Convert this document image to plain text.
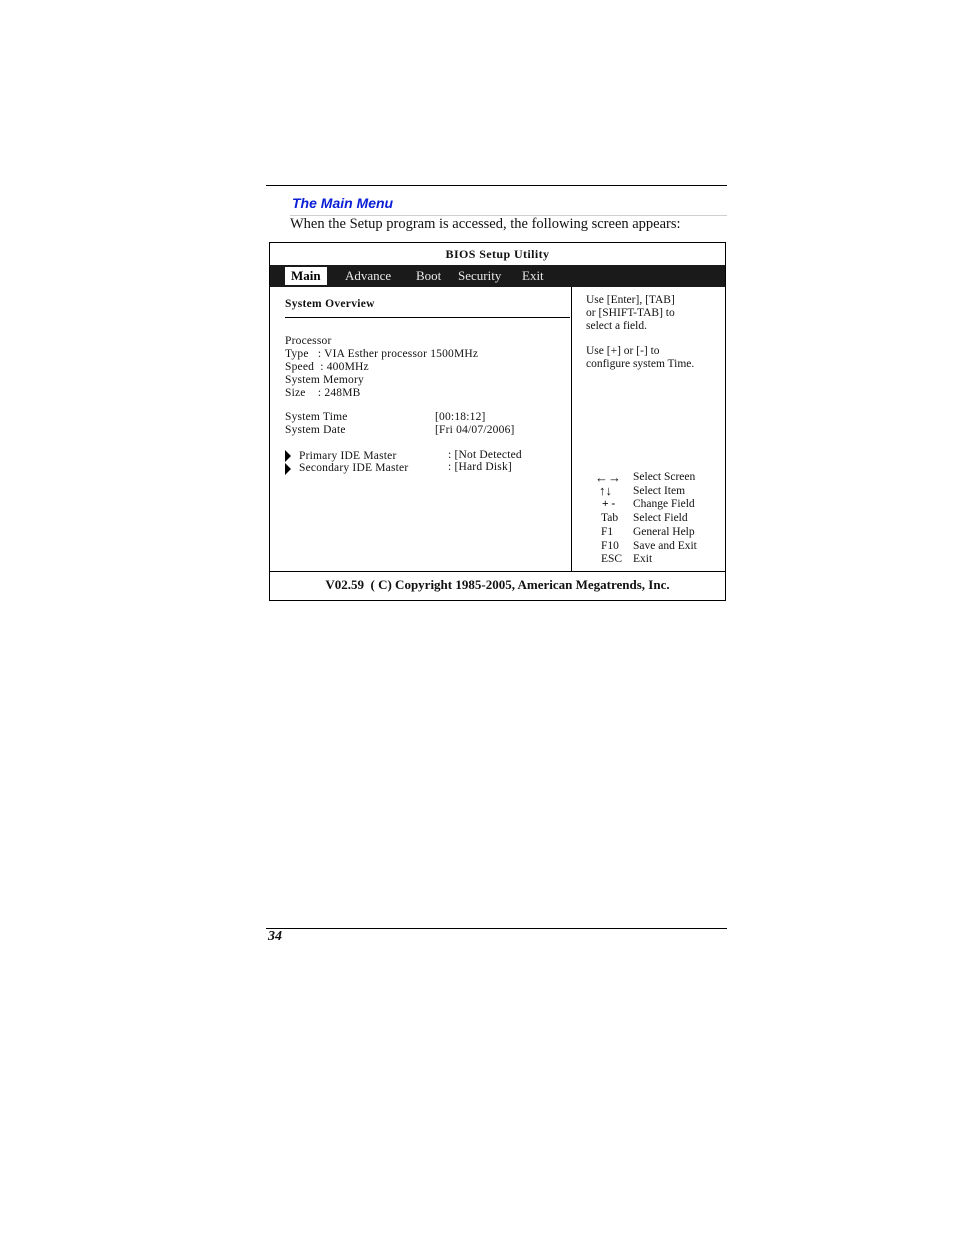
The Main Menu
When the Setup program is accessed, the following screen appears:
BIOS Setup Utility
Main	Advance	Boot	Security	Exit
System Overview
Processor
Type   : VIA Esther processor 1500MHz
Speed  : 400MHz
System Memory
Size    : 248MB
System Time	[00:18:12]
System Date	[Fri 04/07/2006]
Primary IDE Master	: [Not Detected
Secondary IDE Master	: [Hard Disk]
Use [Enter], [TAB]
or [SHIFT-TAB] to
select a field.
Use [+] or [-] to
configure system Time.
←→ Select Screen
↑↓ Select Item
+ - Change Field
Tab Select Field
F1 General Help
F10 Save and Exit
ESC Exit
V02.59  ( C) Copyright 1985-2005, American Megatrends, Inc.
34
